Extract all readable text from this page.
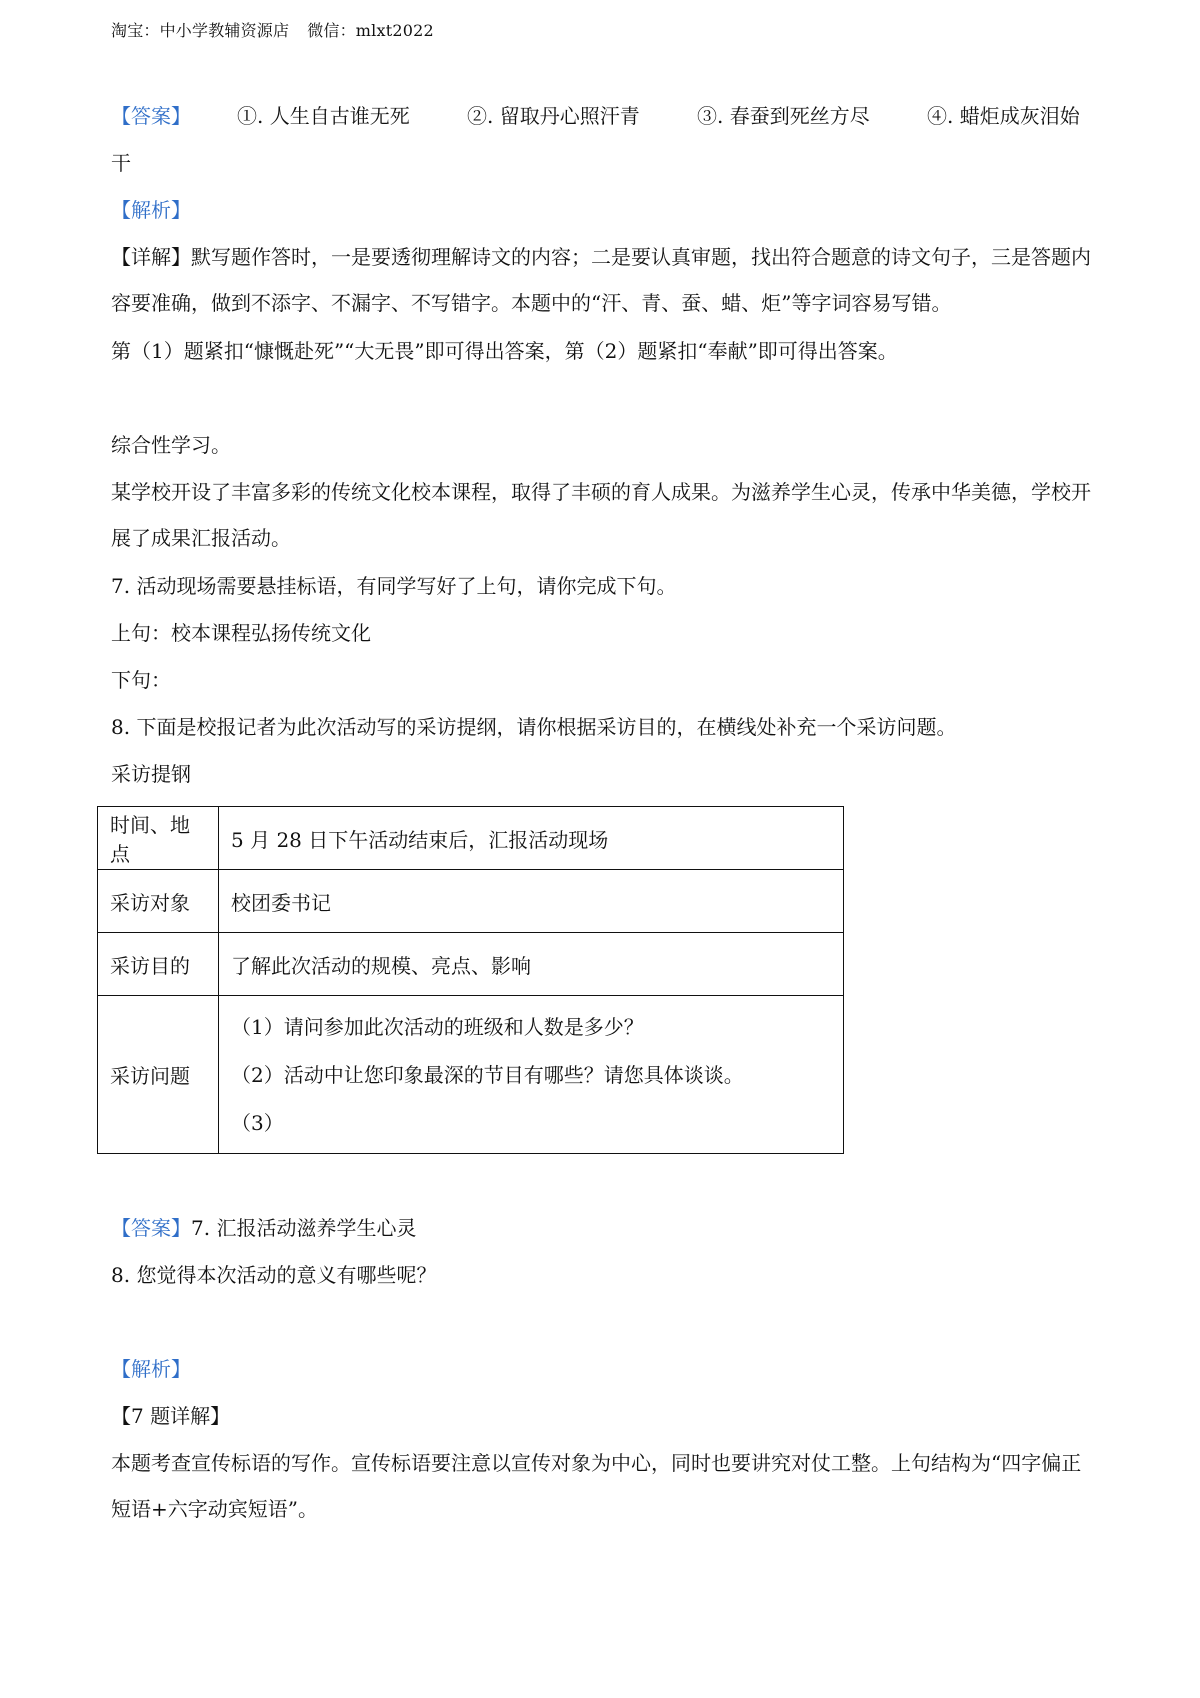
淘宝：中小学教辅资源店 微信：mlxt2022
【答案】 ①. 人生自古谁无死	②. 留取丹心照汗青	③. 春蚕到死丝方尽	④. 蜡炬成灰泪始
干
【解析】
【详解】默写题作答时，一是要透彻理解诗文的内容；二是要认真审题，找出符合题意的诗文句子，三是答题内容要准确，做到不添字、不漏字、不写错字。本题中的“汗、青、蚕、蜡、炬”等字词容易写错。
第（1）题紧扣“慷慨赴死”“大无畏”即可得出答案，第（2）题紧扣“奉献”即可得出答案。
综合性学习。
某学校开设了丰富多彩的传统文化校本课程，取得了丰硕的育人成果。为滋养学生心灵，传承中华美德，学校开展了成果汇报活动。
7. 活动现场需要悬挂标语，有同学写好了上句，请你完成下句。
上句：校本课程弘扬传统文化
下句：
8. 下面是校报记者为此次活动写的采访提纲，请你根据采访目的，在横线处补充一个采访问题。
采访提钢
时间、地点	5 月 28 日下午活动结束后，汇报活动现场
采访对象	校团委书记
采访目的	了解此次活动的规模、亮点、影响
采访问题	（1）请问参加此次活动的班级和人数是多少？
（2）活动中让您印象最深的节目有哪些？请您具体谈谈。
（3）
【答案】7. 汇报活动滋养学生心灵
8. 您觉得本次活动的意义有哪些呢？
【解析】
【7 题详解】
本题考查宣传标语的写作。宣传标语要注意以宣传对象为中心，同时也要讲究对仗工整。上句结构为“四字偏正短语+六字动宾短语”。
